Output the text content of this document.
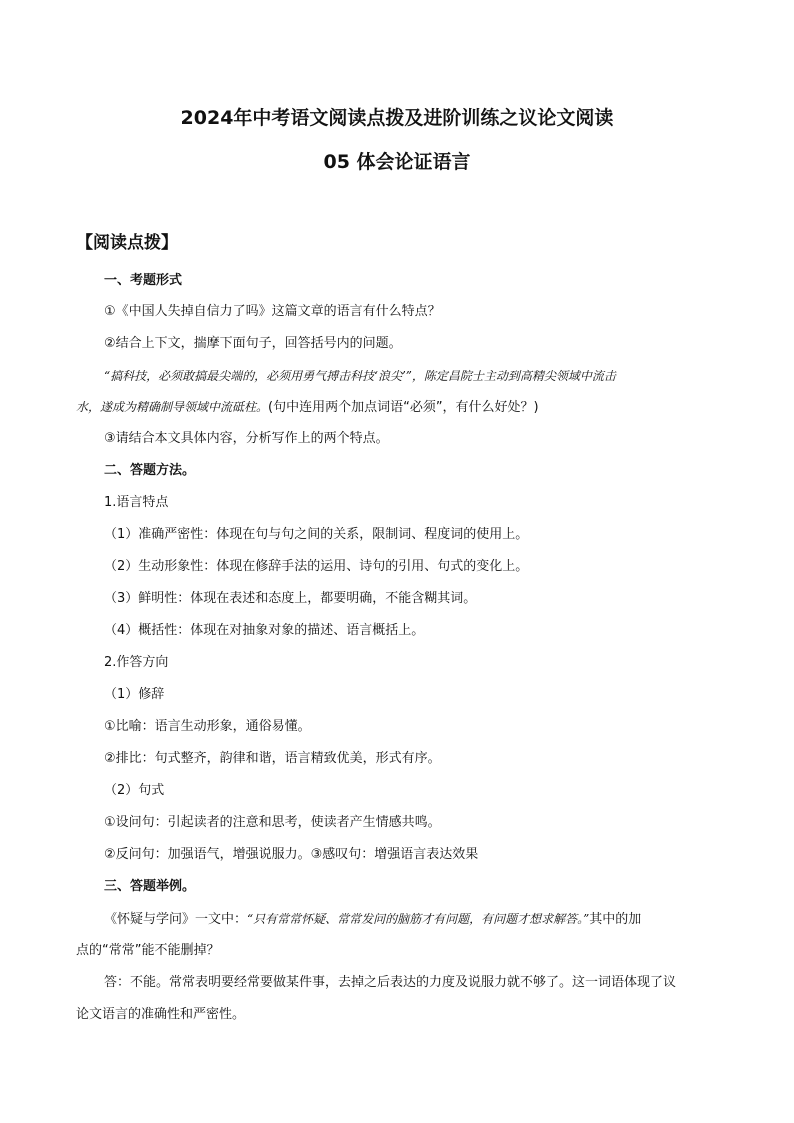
2024年中考语文阅读点拨及进阶训练之议论文阅读
05 体会论证语言
【阅读点拨】
一、考题形式
①《中国人失掉自信力了吗》这篇文章的语言有什么特点？
②结合上下文，揣摩下面句子，回答括号内的问题。
“搞科技，必须敢搞最尖端的，必须用勇气搏击科技‘浪尖’”，陈定昌院士主动到高精尖领域中流击
水，遂成为精确制导领域中流砥柱。(句中连用两个加点词语“必须”，有什么好处？)
③请结合本文具体内容，分析写作上的两个特点。
二、答题方法。
1.语言特点
（1）准确严密性：体现在句与句之间的关系，限制词、程度词的使用上。
（2）生动形象性：体现在修辞手法的运用、诗句的引用、句式的变化上。
（3）鲜明性：体现在表述和态度上，都要明确，不能含糊其词。
（4）概括性：体现在对抽象对象的描述、语言概括上。
2.作答方向
（1）修辞
①比喻：语言生动形象，通俗易懂。
②排比：句式整齐，韵律和谐，语言精致优美，形式有序。
（2）句式
①设问句：引起读者的注意和思考，使读者产生情感共鸣。
②反问句：加强语气，增强说服力。③感叹句：增强语言表达效果
三、答题举例。
《怀疑与学问》一文中：“只有常常怀疑、常常发问的脑筋才有问题，有问题才想求解答。”其中的加
点的“常常”能不能删掉？
答：不能。常常表明要经常要做某件事，去掉之后表达的力度及说服力就不够了。这一词语体现了议
论文语言的准确性和严密性。
